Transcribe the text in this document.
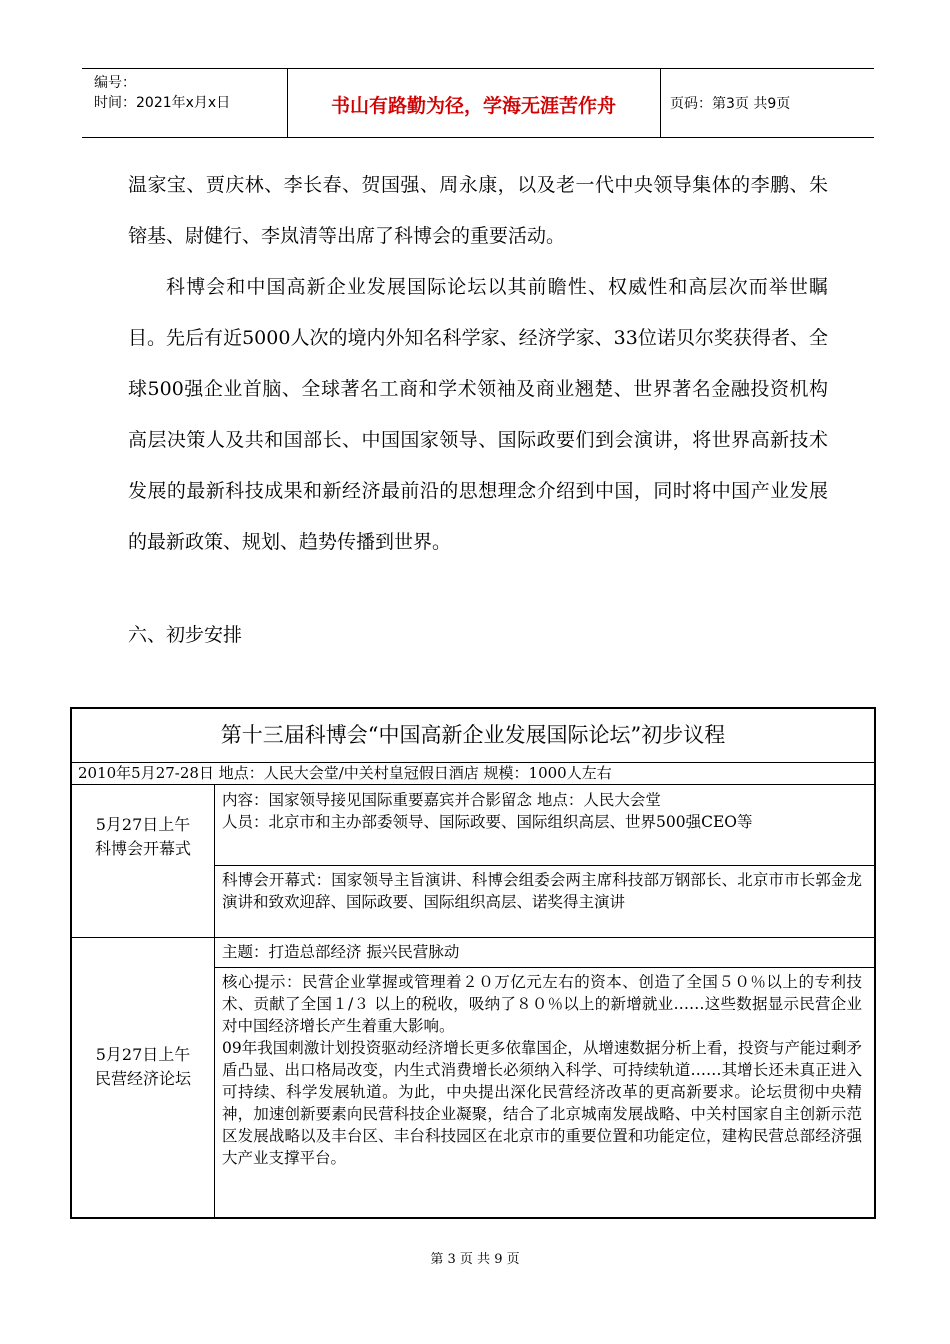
编号：
时间：2021年x月x日	书山有路勤为径，学海无涯苦作舟	页码：第3页 共9页
温家宝、贾庆林、李长春、贺国强、周永康，以及老一代中央领导集体的李鹏、朱镕基、尉健行、李岚清等出席了科博会的重要活动。
科博会和中国高新企业发展国际论坛以其前瞻性、权威性和高层次而举世瞩目。先后有近5000人次的境内外知名科学家、经济学家、33位诺贝尔奖获得者、全球500强企业首脑、全球著名工商和学术领袖及商业翘楚、世界著名金融投资机构高层决策人及共和国部长、中国国家领导、国际政要们到会演讲，将世界高新技术发展的最新科技成果和新经济最前沿的思想理念介绍到中国，同时将中国产业发展的最新政策、规划、趋势传播到世界。
六、初步安排
第十三届科博会“中国高新企业发展国际论坛”初步议程
2010年5月27-28日 地点：人民大会堂/中关村皇冠假日酒店 规模：1000人左右
5月27日上午
科博会开幕式
内容：国家领导接见国际重要嘉宾并合影留念 地点：人民大会堂
人员：北京市和主办部委领导、国际政要、国际组织高层、世界500强CEO等
科博会开幕式：国家领导主旨演讲、科博会组委会两主席科技部万钢部长、北京市市长郭金龙演讲和致欢迎辞、国际政要、国际组织高层、诺奖得主演讲
5月27日上午
民营经济论坛
主题：打造总部经济 振兴民营脉动
核心提示：民营企业掌握或管理着２０万亿元左右的资本、创造了全国５０％以上的专利技术、贡献了全国１/３ 以上的税收，吸纳了８０％以上的新增就业……这些数据显示民营企业对中国经济增长产生着重大影响。
09年我国刺激计划投资驱动经济增长更多依靠国企，从增速数据分析上看，投资与产能过剩矛盾凸显、出口格局改变，内生式消费增长必须纳入科学、可持续轨道……其增长还未真正进入可持续、科学发展轨道。为此，中央提出深化民营经济改革的更高新要求。论坛贯彻中央精神，加速创新要素向民营科技企业凝聚，结合了北京城南发展战略、中关村国家自主创新示范区发展战略以及丰台区、丰台科技园区在北京市的重要位置和功能定位，建构民营总部经济强大产业支撑平台。
第 3 页 共 9 页
